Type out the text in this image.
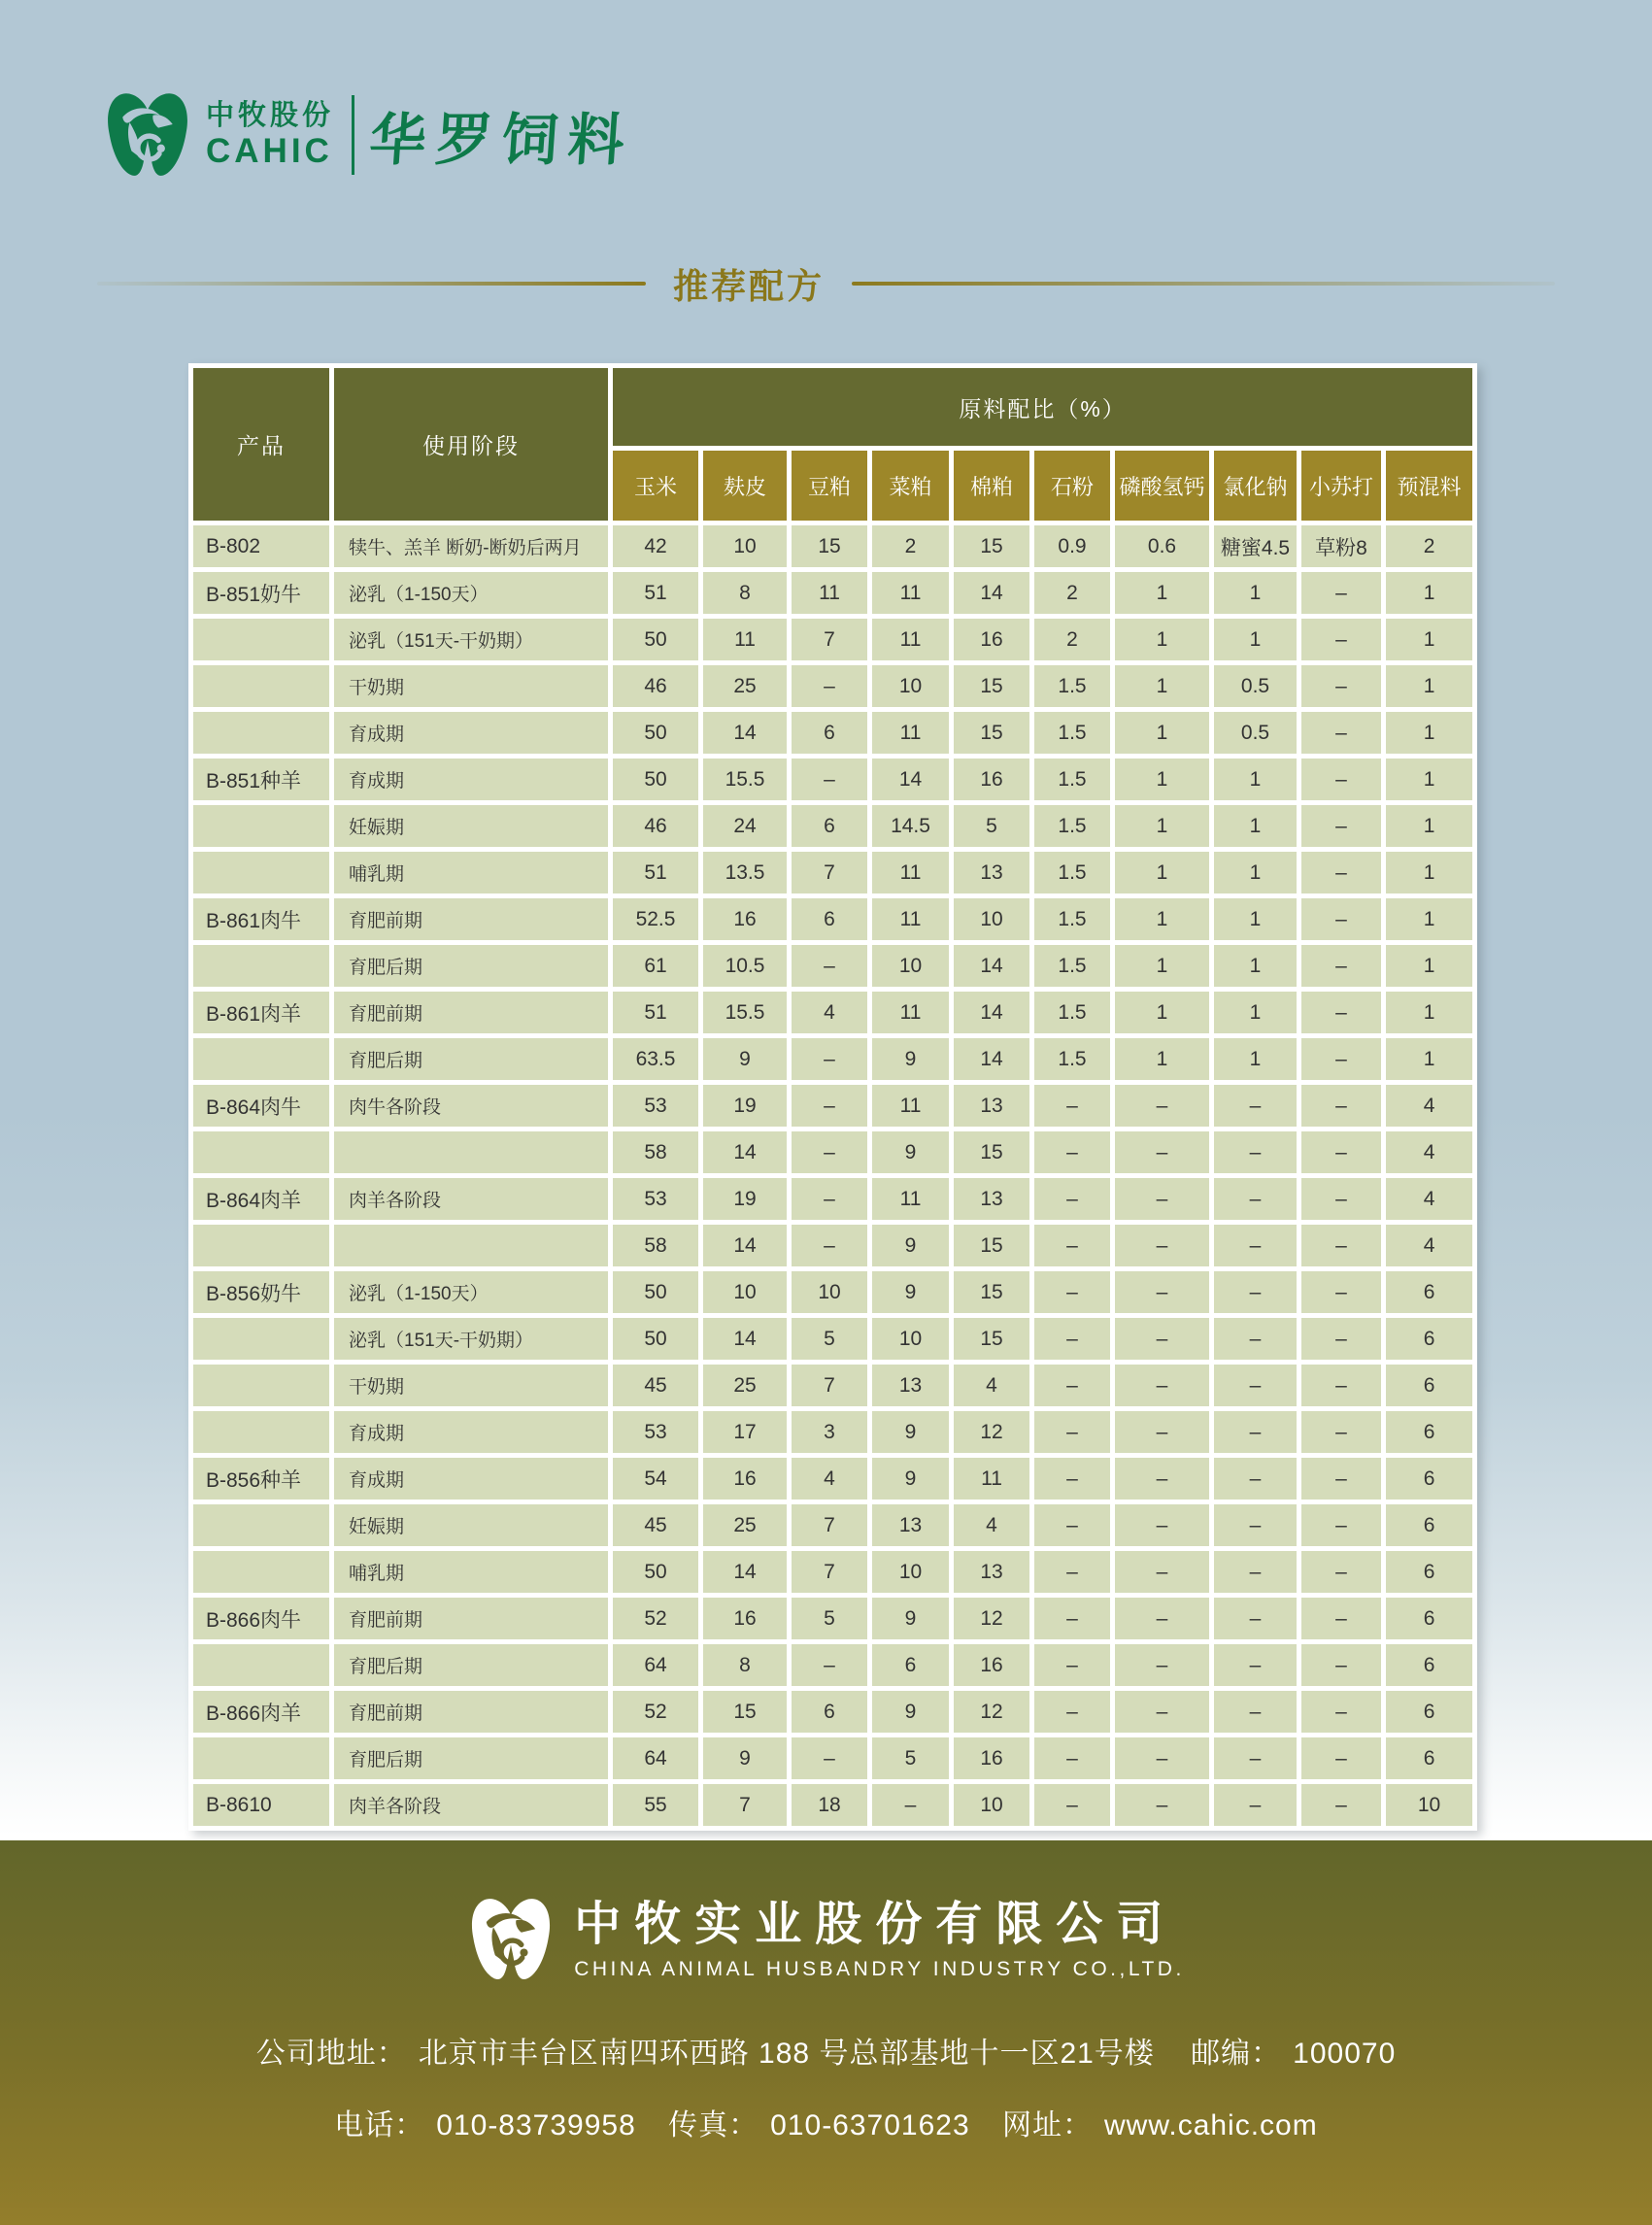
中牧股份
CAHIC 华罗饲料
推荐配方
产品	使用阶段	原料配比（%）									
		玉米	麸皮	豆粕	菜粕	棉粕	石粉	磷酸氢钙	氯化钠	小苏打	预混料
B-802	犊牛、羔羊 断奶-断奶后两月	42	10	15	2	15	0.9	0.6	糖蜜4.5	草粉8	2
B-851奶牛	泌乳（1-150天）	51	8	11	11	14	2	1	1	–	1
	泌乳（151天-干奶期）	50	11	7	11	16	2	1	1	–	1
	干奶期	46	25	–	10	15	1.5	1	0.5	–	1
	育成期	50	14	6	11	15	1.5	1	0.5	–	1
B-851种羊	育成期	50	15.5	–	14	16	1.5	1	1	–	1
	妊娠期	46	24	6	14.5	5	1.5	1	1	–	1
	哺乳期	51	13.5	7	11	13	1.5	1	1	–	1
B-861肉牛	育肥前期	52.5	16	6	11	10	1.5	1	1	–	1
	育肥后期	61	10.5	–	10	14	1.5	1	1	–	1
B-861肉羊	育肥前期	51	15.5	4	11	14	1.5	1	1	–	1
	育肥后期	63.5	9	–	9	14	1.5	1	1	–	1
B-864肉牛	肉牛各阶段	53	19	–	11	13	–	–	–	–	4
		58	14	–	9	15	–	–	–	–	4
B-864肉羊	肉羊各阶段	53	19	–	11	13	–	–	–	–	4
		58	14	–	9	15	–	–	–	–	4
B-856奶牛	泌乳（1-150天）	50	10	10	9	15	–	–	–	–	6
	泌乳（151天-干奶期）	50	14	5	10	15	–	–	–	–	6
	干奶期	45	25	7	13	4	–	–	–	–	6
	育成期	53	17	3	9	12	–	–	–	–	6
B-856种羊	育成期	54	16	4	9	11	–	–	–	–	6
	妊娠期	45	25	7	13	4	–	–	–	–	6
	哺乳期	50	14	7	10	13	–	–	–	–	6
B-866肉牛	育肥前期	52	16	5	9	12	–	–	–	–	6
	育肥后期	64	8	–	6	16	–	–	–	–	6
B-866肉羊	育肥前期	52	15	6	9	12	–	–	–	–	6
	育肥后期	64	9	–	5	16	–	–	–	–	6
B-8610	肉羊各阶段	55	7	18	–	10	–	–	–	–	10
中牧实业股份有限公司
CHINA ANIMAL HUSBANDRY INDUSTRY CO.,LTD.
公司地址： 北京市丰台区南四环西路 188 号总部基地十一区21号楼 邮编： 100070
电话： 010-83739958 传真： 010-63701623 网址： www.cahic.com
